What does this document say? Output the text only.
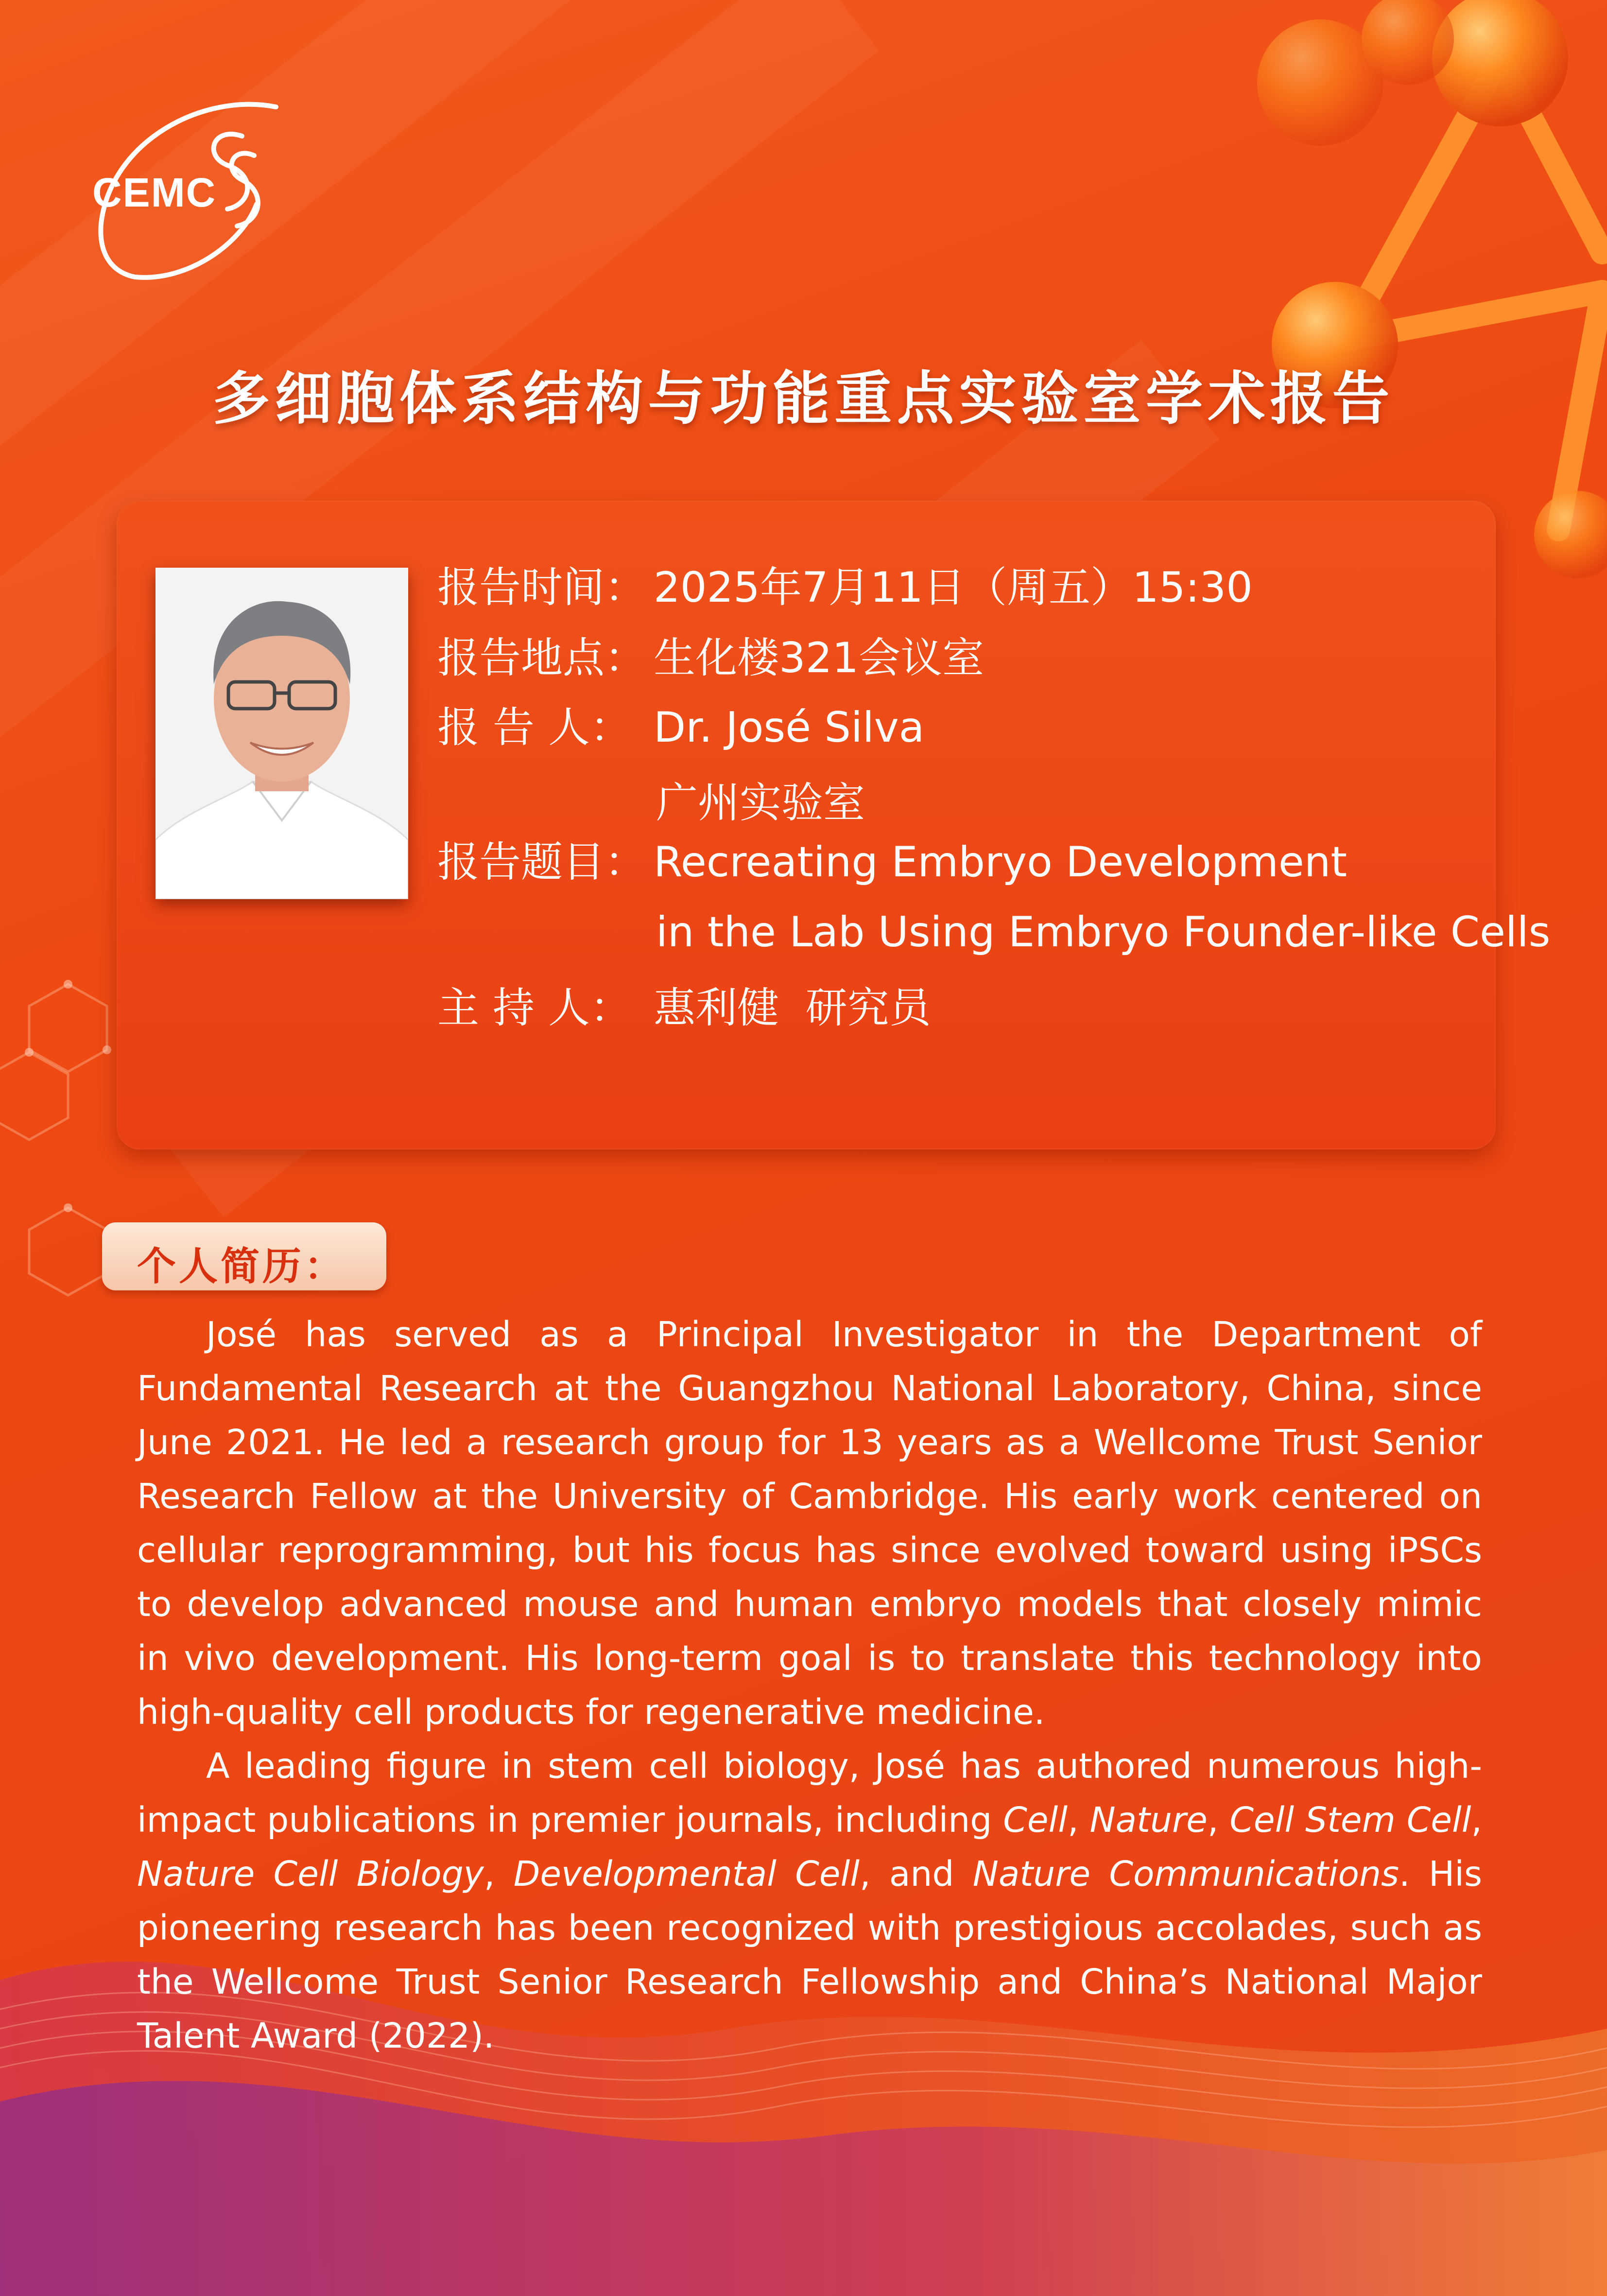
CEMC
多细胞体系结构与功能重点实验室学术报告
报告时间： 2025年7月11日（周五）15:30
报告地点： 生化楼321会议室
报 告 人： Dr. José Silva
广州实验室
报告题目： Recreating Embryo Development
in the Lab Using Embryo Founder-like Cells
主 持 人： 惠利健  研究员
个人简历：

José has served as a Principal Investigator in the Department of Fundamental Research at the Guangzhou National Laboratory, China, since June 2021. He led a research group for 13 years as a Wellcome Trust Senior Research Fellow at the University of Cambridge. His early work centered on cellular reprogramming, but his focus has since evolved toward using iPSCs to develop advanced mouse and human embryo models that closely mimic in vivo development. His long-term goal is to translate this technology into high-quality cell products for regenerative medicine.

A leading figure in stem cell biology, José has authored numerous high-impact publications in premier journals, including Cell, Nature, Cell Stem Cell, Nature Cell Biology, Developmental Cell, and Nature Communications. His pioneering research has been recognized with prestigious accolades, such as the Wellcome Trust Senior Research Fellowship and China’s National Major Talent Award (2022).
